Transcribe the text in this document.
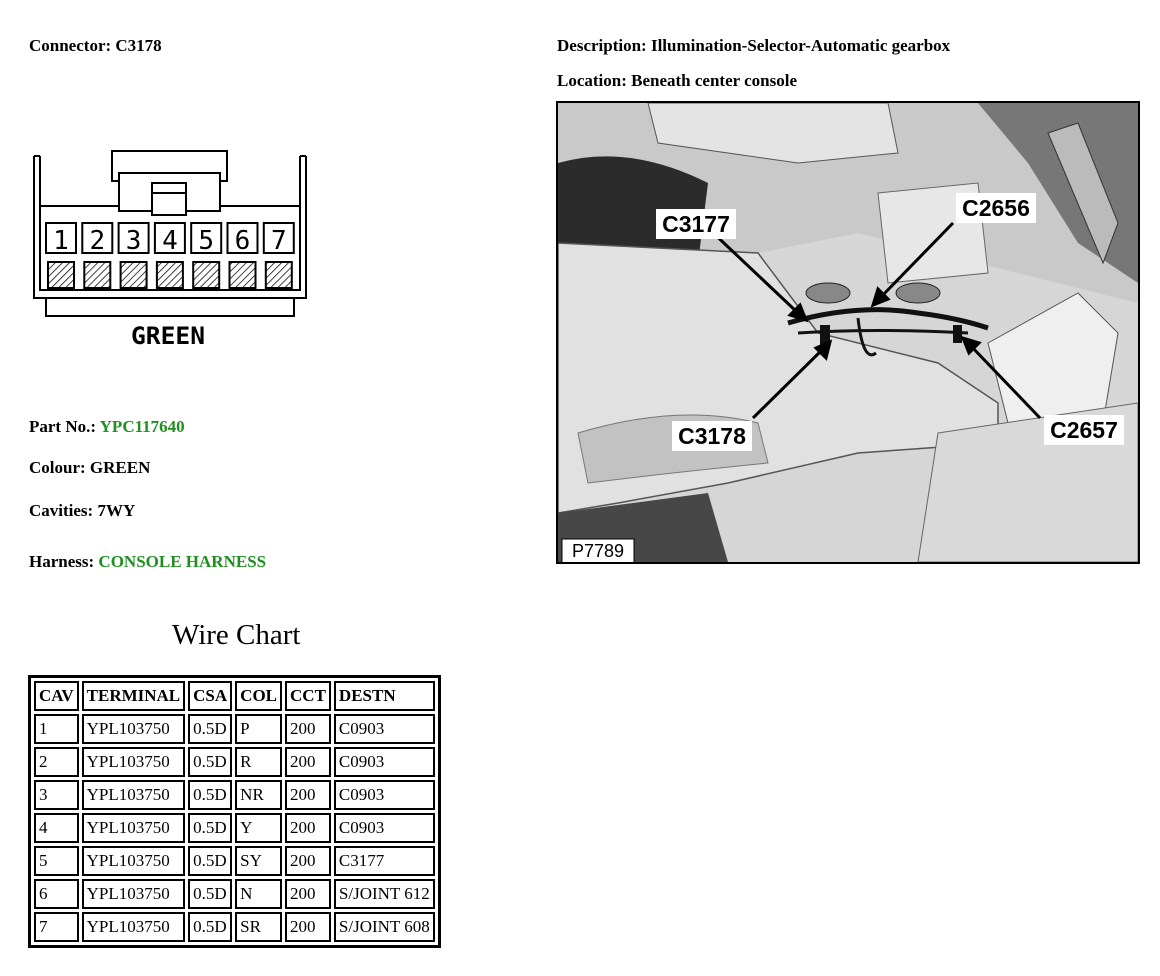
Connector: C3178	Description: Illumination-Selector-Automatic gearbox
Location: Beneath center console
1 2 3 4 5 6 7
GREEN
Part No.: YPC117640
Colour: GREEN
Cavities: 7WY
Harness: CONSOLE HARNESS
Wire Chart
CAV	TERMINAL	CSA	COL	CCT	DESTN
1	YPL103750	0.5D	P	200	C0903
2	YPL103750	0.5D	R	200	C0903
3	YPL103750	0.5D	NR	200	C0903
4	YPL103750	0.5D	Y	200	C0903
5	YPL103750	0.5D	SY	200	C3177
6	YPL103750	0.5D	N	200	S/JOINT 612
7	YPL103750	0.5D	SR	200	S/JOINT 608
C3177
C2656
C3178	C2657
P7789
